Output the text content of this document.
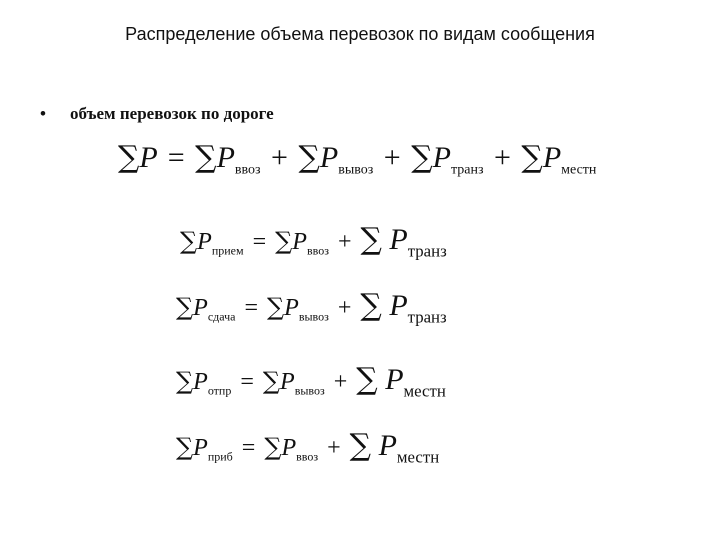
Распределение объема перевозок по видам сообщения
• объем перевозок по дороге
$\sum P = \sum P_{ввоз} + \sum P_{вывоз} + \sum P_{транз} + \sum P_{местн}$
$\sum P_{прием} = \sum P_{ввоз}$ + ∑ $P_{транз}$
$\sum P_{сдача} = \sum P_{вывоз}$ + ∑ $P_{транз}$
$\sum P_{отпр} = \sum P_{вывоз}$ + ∑ $P_{местн}$
$\sum P_{приб} = \sum P_{ввоз}$ + ∑ $P_{местн}$
